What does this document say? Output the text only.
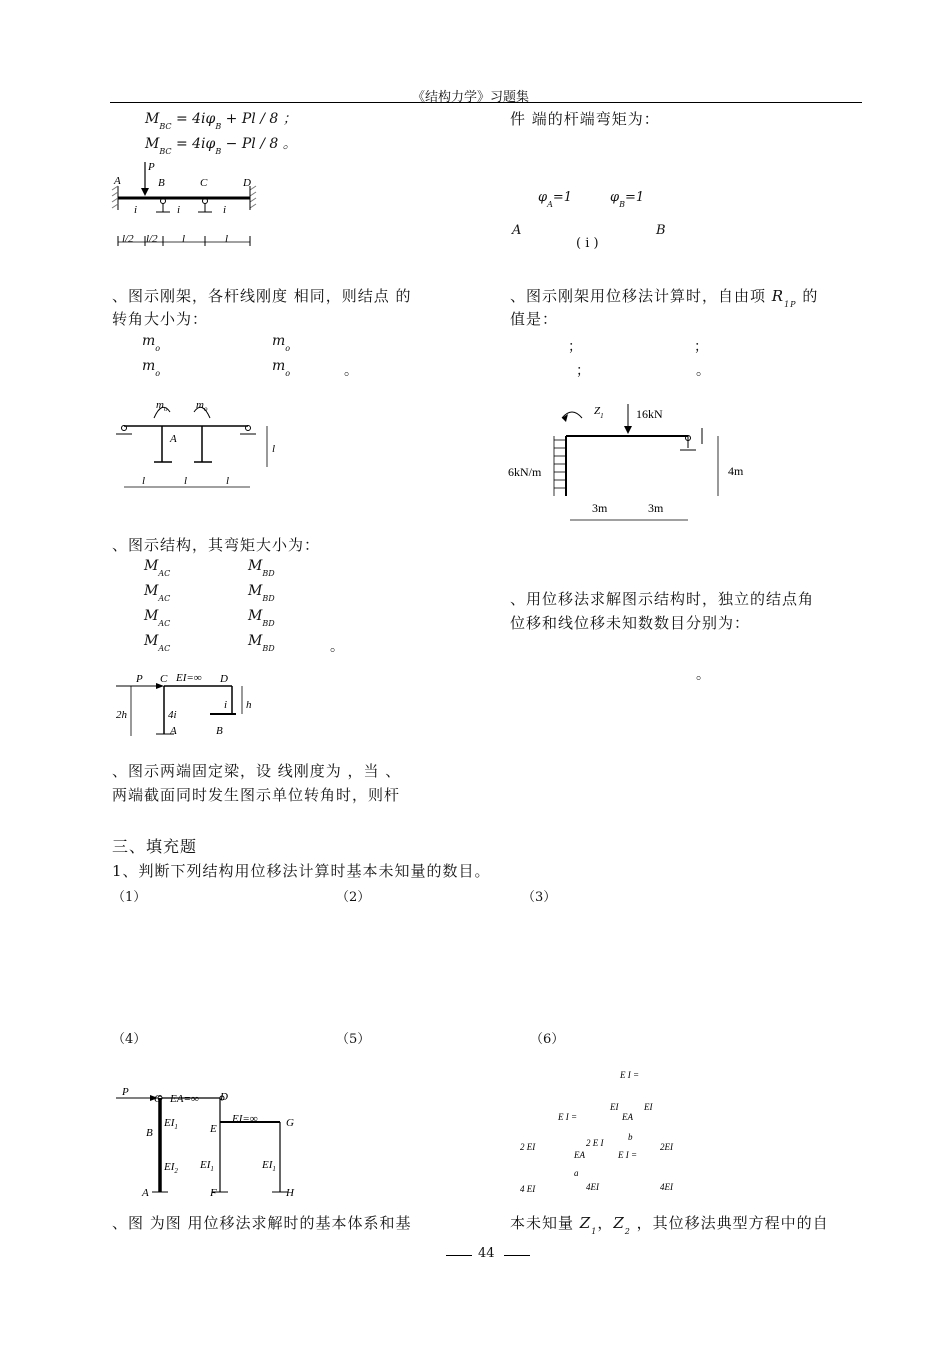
《结构力学》习题集
$M_{BC} = 4i\varphi_B + Pl / 8$ ；
$M_{BC} = 4i\varphi_B - Pl / 8$ 。
P
A	B	C	D
i	i	i
l/2 l/2 l	l
、图示刚架，各杆线刚度 相同，则结点 的
转角大小为：
$m_o$	$m_o$
$m_o$	$m_o$	。
$m_o$	$m_o$
A
l
l	l	l
、图示结构，其弯矩大小为：
$M_{AC}$	$M_{BD}$
$M_{AC}$	$M_{BD}$
$M_{AC}$	$M_{BD}$
$M_{AC}$	$M_{BD}$	。
P C EI=∞ D
2h	4i
i h
A	B
、图示两端固定梁，设 线刚度为 ，当 、
两端截面同时发生图示单位转角时，则杆
件 端的杆端弯矩为：
$\varphi_A=1$	$\varphi_B=1$
A	B
( i )
、图示刚架用位移法计算时，自由项 $R_{1P}$ 的
值是：
；	；
；	。
$Z_1$	16kN
6kN/m	4m
3m	3m
、用位移法求解图示结构时，独立的结点角
位移和线位移未知数数目分别为：
。
三、填充题
1、判断下列结构用位移法计算时基本未知量的数目。
（1）	（2）	（3）
（4）	（5）	（6）
P
C EA=∞ D
B
$EI_1$
$EI_2$
E
EI=∞	G
$EI_1$	$EI_1$
A	F	H
E I =
EI	EI
E I =	EA
b
2 EI	2 E I	2EI
EA	E I =
a
4 EI	4EI	4EI
、图 为图 用位移法求解时的基本体系和基	本未知量 $Z_1$，$Z_2$ ，其位移法典型方程中的自
44
